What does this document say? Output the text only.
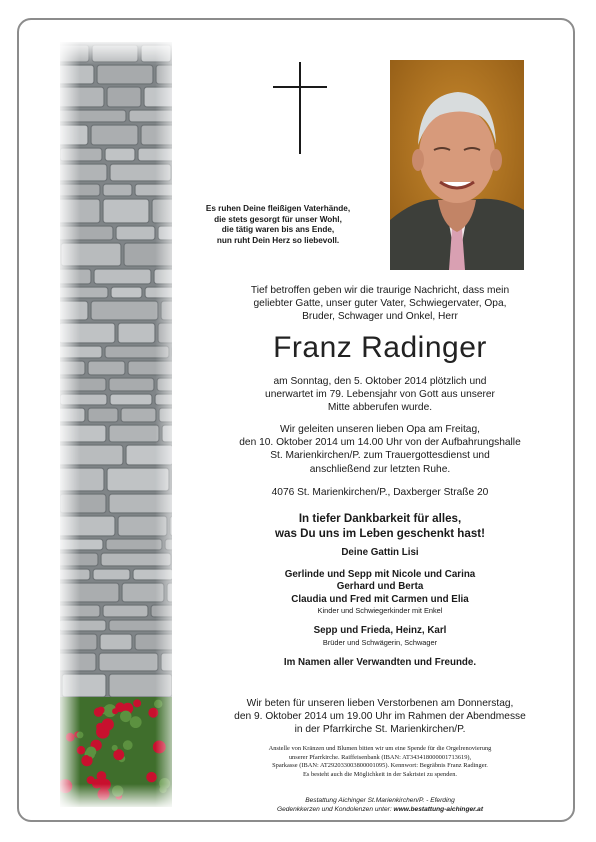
Es ruhen Deine fleißigen Vaterhände,
die stets gesorgt für unser Wohl,
die tätig waren bis ans Ende,
nun ruht Dein Herz so liebevoll.
Tief betroffen geben wir die traurige Nachricht, dass mein
geliebter Gatte, unser guter Vater, Schwiegervater, Opa,
Bruder, Schwager und Onkel, Herr
Franz Radinger
am Sonntag, den 5. Oktober 2014 plötzlich und
unerwartet im 79. Lebensjahr von Gott aus unserer
Mitte abberufen wurde.
Wir geleiten unseren lieben Opa am Freitag,
den 10. Oktober 2014 um 14.00 Uhr von der Aufbahrungshalle
St. Marienkirchen/P. zum Trauergottesdienst und
anschließend zur letzten Ruhe.
4076 St. Marienkirchen/P., Daxberger Straße 20
In tiefer Dankbarkeit für alles,
was Du uns im Leben geschenkt hast!
Deine Gattin Lisi
Gerlinde und Sepp mit Nicole und Carina
Gerhard und Berta
Claudia und Fred mit Carmen und Elia
Kinder und Schwiegerkinder mit Enkel
Sepp und Frieda, Heinz, Karl
Brüder und Schwägerin, Schwager
Im Namen aller Verwandten und Freunde.
Wir beten für unseren lieben Verstorbenen am Donnerstag,
den 9. Oktober 2014 um 19.00 Uhr im Rahmen der Abendmesse
in der Pfarrkirche St. Marienkirchen/P.
Anstelle von Kränzen und Blumen bitten wir um eine Spende für die Orgelrenovierung
unserer Pfarrkirche. Raiffeisenbank (IBAN: AT343418000001713619),
Sparkasse (IBAN: AT292033003800001095). Kennwort: Begräbnis Franz Radinger.
Es besteht auch die Möglichkeit in der Sakristei zu spenden.
Bestattung Aichinger St.Marienkirchen/P. - Eferding
Gedenkkerzen und Kondolenzen unter: www.bestattung-aichinger.at
